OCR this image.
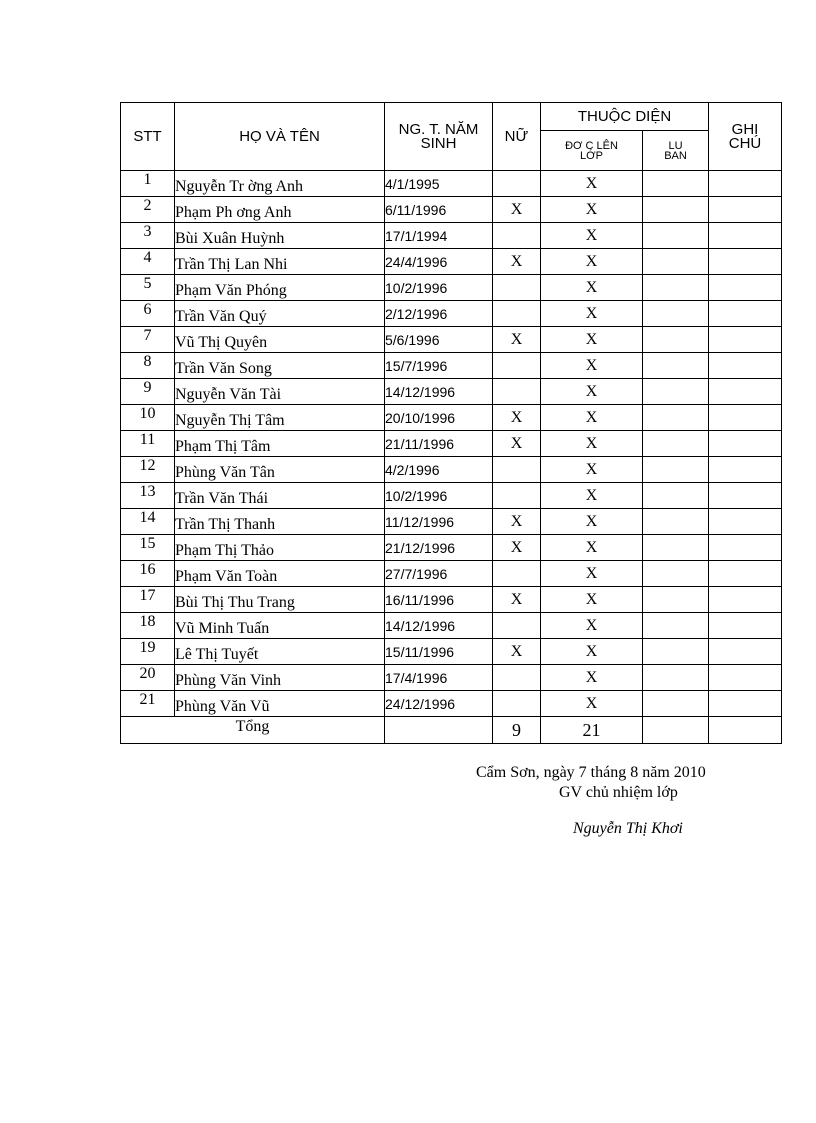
STT	HỌ VÀ TÊN	NG. T. NĂM SINH	NỮ	THUỘC DIỆN		GHI CHÚ

				ĐƠ C LÊN LỚP	LU BAN	

1	Nguyễn Tr ờng Anh	4/1/1995		X		
2	Phạm Ph ơng Anh	6/11/1996	X	X		
3	Bùi Xuân Huỳnh	17/1/1994		X		
4	Trần Thị Lan Nhi	24/4/1996	X	X		
5	Phạm Văn Phóng	10/2/1996		X		
6	Trần Văn Quý	2/12/1996		X		
7	Vũ Thị Quyên	5/6/1996	X	X		
8	Trần Văn Song	15/7/1996		X		
9	Nguyễn Văn Tài	14/12/1996		X		
10	Nguyễn Thị Tâm	20/10/1996	X	X		
11	Phạm Thị Tâm	21/11/1996	X	X		
12	Phùng Văn Tân	4/2/1996		X		
13	Trần Văn Thái	10/2/1996		X		
14	Trần Thị Thanh	11/12/1996	X	X		
15	Phạm Thị Thảo	21/12/1996	X	X		
16	Phạm Văn Toàn	27/7/1996		X		
17	Bùi Thị Thu Trang	16/11/1996	X	X		
18	Vũ Minh Tuấn	14/12/1996		X		
19	Lê Thị Tuyết	15/11/1996	X	X		
20	Phùng Văn Vinh	17/4/1996		X		
21	Phùng Văn Vũ	24/12/1996		X		
Tổng			9	21		
Cẩm Sơn, ngày 7 tháng 8 năm 2010
GV chủ nhiệm lớp
Nguyễn Thị Khơi
